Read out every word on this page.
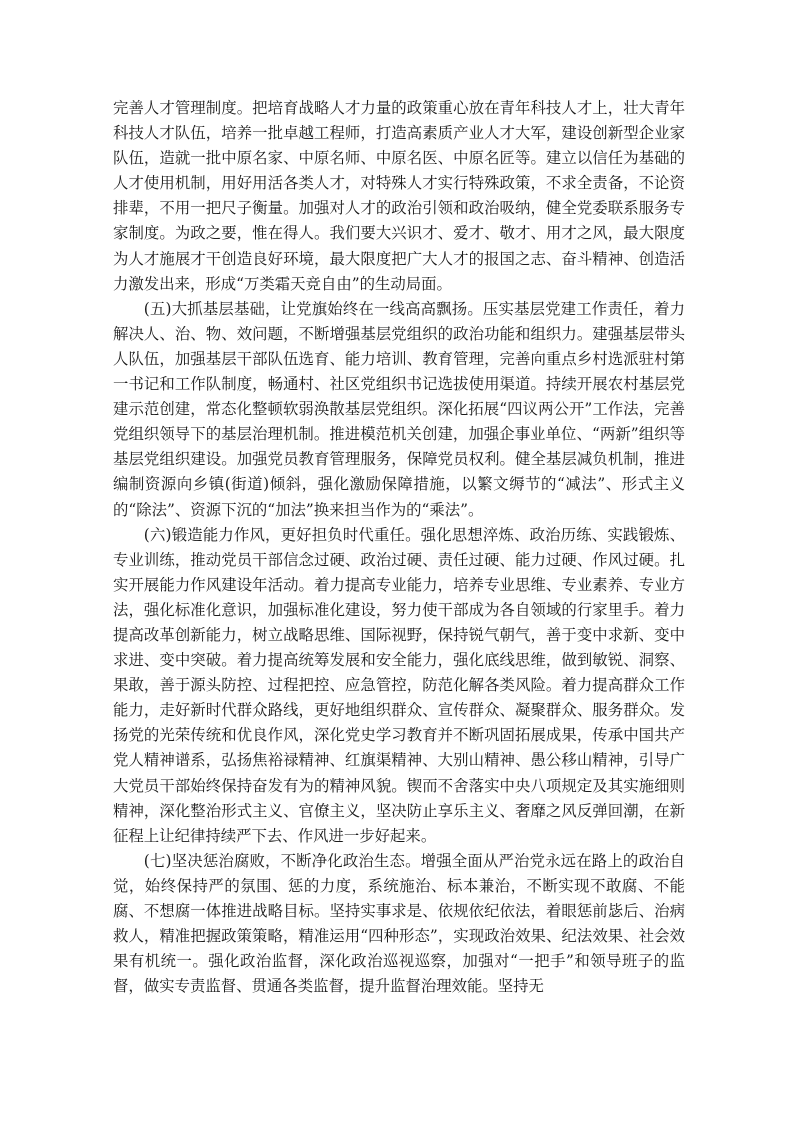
完善人才管理制度。把培育战略人才力量的政策重心放在青年科技人才上，壮大青年科技人才队伍，培养一批卓越工程师，打造高素质产业人才大军，建设创新型企业家队伍，造就一批中原名家、中原名师、中原名医、中原名匠等。建立以信任为基础的人才使用机制，用好用活各类人才，对特殊人才实行特殊政策，不求全责备，不论资排辈，不用一把尺子衡量。加强对人才的政治引领和政治吸纳，健全党委联系服务专家制度。为政之要，惟在得人。我们要大兴识才、爱才、敬才、用才之风，最大限度为人才施展才干创造良好环境，最大限度把广大人才的报国之志、奋斗精神、创造活力激发出来，形成“万类霜天竞自由”的生动局面。

(五)大抓基层基础，让党旗始终在一线高高飘扬。压实基层党建工作责任，着力解决人、治、物、效问题，不断增强基层党组织的政治功能和组织力。建强基层带头人队伍，加强基层干部队伍选育、能力培训、教育管理，完善向重点乡村选派驻村第一书记和工作队制度，畅通村、社区党组织书记选拔使用渠道。持续开展农村基层党建示范创建，常态化整顿软弱涣散基层党组织。深化拓展“四议两公开”工作法，完善党组织领导下的基层治理机制。推进模范机关创建，加强企事业单位、“两新”组织等基层党组织建设。加强党员教育管理服务，保障党员权利。健全基层减负机制，推进编制资源向乡镇(街道)倾斜，强化激励保障措施，以繁文缛节的“减法”、形式主义的“除法”、资源下沉的“加法”换来担当作为的“乘法”。

(六)锻造能力作风，更好担负时代重任。强化思想淬炼、政治历练、实践锻炼、专业训练，推动党员干部信念过硬、政治过硬、责任过硬、能力过硬、作风过硬。扎实开展能力作风建设年活动。着力提高专业能力，培养专业思维、专业素养、专业方法，强化标准化意识，加强标准化建设，努力使干部成为各自领域的行家里手。着力提高改革创新能力，树立战略思维、国际视野，保持锐气朝气，善于变中求新、变中求进、变中突破。着力提高统筹发展和安全能力，强化底线思维，做到敏锐、洞察、果敢，善于源头防控、过程把控、应急管控，防范化解各类风险。着力提高群众工作能力，走好新时代群众路线，更好地组织群众、宣传群众、凝聚群众、服务群众。发扬党的光荣传统和优良作风，深化党史学习教育并不断巩固拓展成果，传承中国共产党人精神谱系，弘扬焦裕禄精神、红旗渠精神、大别山精神、愚公移山精神，引导广大党员干部始终保持奋发有为的精神风貌。锲而不舍落实中央八项规定及其实施细则精神，深化整治形式主义、官僚主义，坚决防止享乐主义、奢靡之风反弹回潮，在新征程上让纪律持续严下去、作风进一步好起来。

(七)坚决惩治腐败，不断净化政治生态。增强全面从严治党永远在路上的政治自觉，始终保持严的氛围、惩的力度，系统施治、标本兼治，不断实现不敢腐、不能腐、不想腐一体推进战略目标。坚持实事求是、依规依纪依法，着眼惩前毖后、治病救人，精准把握政策策略，精准运用“四种形态”，实现政治效果、纪法效果、社会效果有机统一。强化政治监督，深化政治巡视巡察，加强对“一把手”和领导班子的监督，做实专责监督、贯通各类监督，提升监督治理效能。坚持无
